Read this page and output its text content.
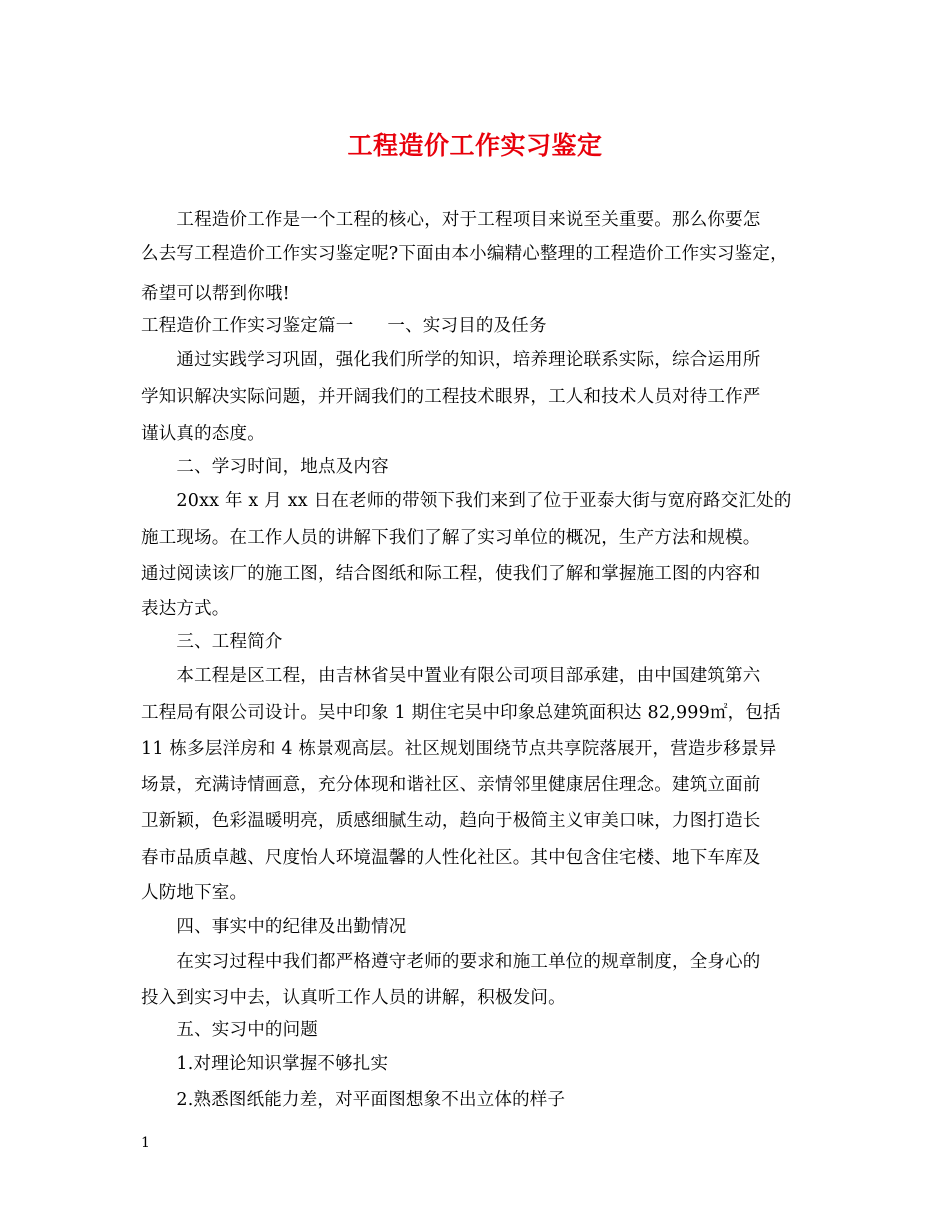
工程造价工作实习鉴定
　　工程造价工作是一个工程的核心，对于工程项目来说至关重要。那么你要怎
么去写工程造价工作实习鉴定呢?下面由本小编精心整理的工程造价工作实习鉴定，
希望可以帮到你哦!
工程造价工作实习鉴定篇一 一、实习目的及任务
　　通过实践学习巩固，强化我们所学的知识，培养理论联系实际，综合运用所
学知识解决实际问题，并开阔我们的工程技术眼界，工人和技术人员对待工作严
谨认真的态度。
　　二、学习时间，地点及内容
　　20xx 年 x 月 xx 日在老师的带领下我们来到了位于亚泰大街与宽府路交汇处的
施工现场。在工作人员的讲解下我们了解了实习单位的概况，生产方法和规模。
通过阅读该厂的施工图，结合图纸和际工程，使我们了解和掌握施工图的内容和
表达方式。
　　三、工程简介
　　本工程是区工程，由吉林省吴中置业有限公司项目部承建，由中国建筑第六
工程局有限公司设计。吴中印象 1 期住宅吴中印象总建筑面积达 82,999㎡，包括
11 栋多层洋房和 4 栋景观高层。社区规划围绕节点共享院落展开，营造步移景异
场景，充满诗情画意，充分体现和谐社区、亲情邻里健康居住理念。建筑立面前
卫新颖，色彩温暖明亮，质感细腻生动，趋向于极简主义审美口味，力图打造长
春市品质卓越、尺度怡人环境温馨的人性化社区。其中包含住宅楼、地下车库及
人防地下室。
　　四、事实中的纪律及出勤情况
　　在实习过程中我们都严格遵守老师的要求和施工单位的规章制度，全身心的
投入到实习中去，认真听工作人员的讲解，积极发问。
　　五、实习中的问题
　　1.对理论知识掌握不够扎实
　　2.熟悉图纸能力差，对平面图想象不出立体的样子
1
